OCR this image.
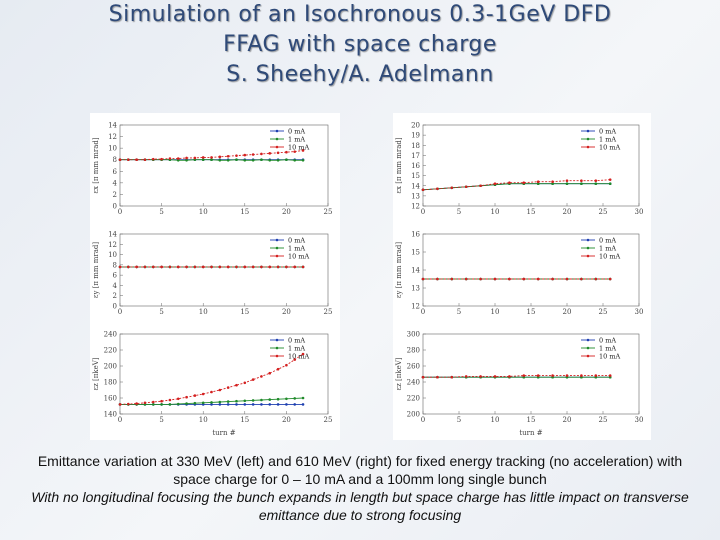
Simulation of an Isochronous 0.3-1GeV DFD
FFAG with space charge
S. Sheehy/A. Adelmann
0	5	10	15	20	25
0
2
4
6
8
10
12
14
εx [π mm mrad]
0 mA
1 mA
10 mA
0	5	10	15	20	25
0
2
4
6
8
10
12
14
εy [π mm mrad]
0 mA
1 mA
10 mA
0	5	10	15	20	25
140
160
180
200
220
240
εz [πkeV]
turn #
0 mA
1 mA
10 mA
0	5	10	15	20	25	30
12
13
14
15
16
17
18
19
20
εx [π mm mrad]
0 mA
1 mA
10 mA
0	5	10	15	20	25	30
12
13
14
15
16
εy [π mm mrad]
0 mA
1 mA
10 mA
0	5	10	15	20	25	30
200
220
240
260
280
300
εz [πkeV]
turn #
0 mA
1 mA
10 mA
Emittance variation at 330 MeV (left) and 610 MeV (right) for fixed energy tracking (no acceleration) with space charge for 0 – 10 mA and a 100mm long single bunch
With no longitudinal focusing the bunch expands in length but space charge has little impact on transverse emittance due to strong focusing
